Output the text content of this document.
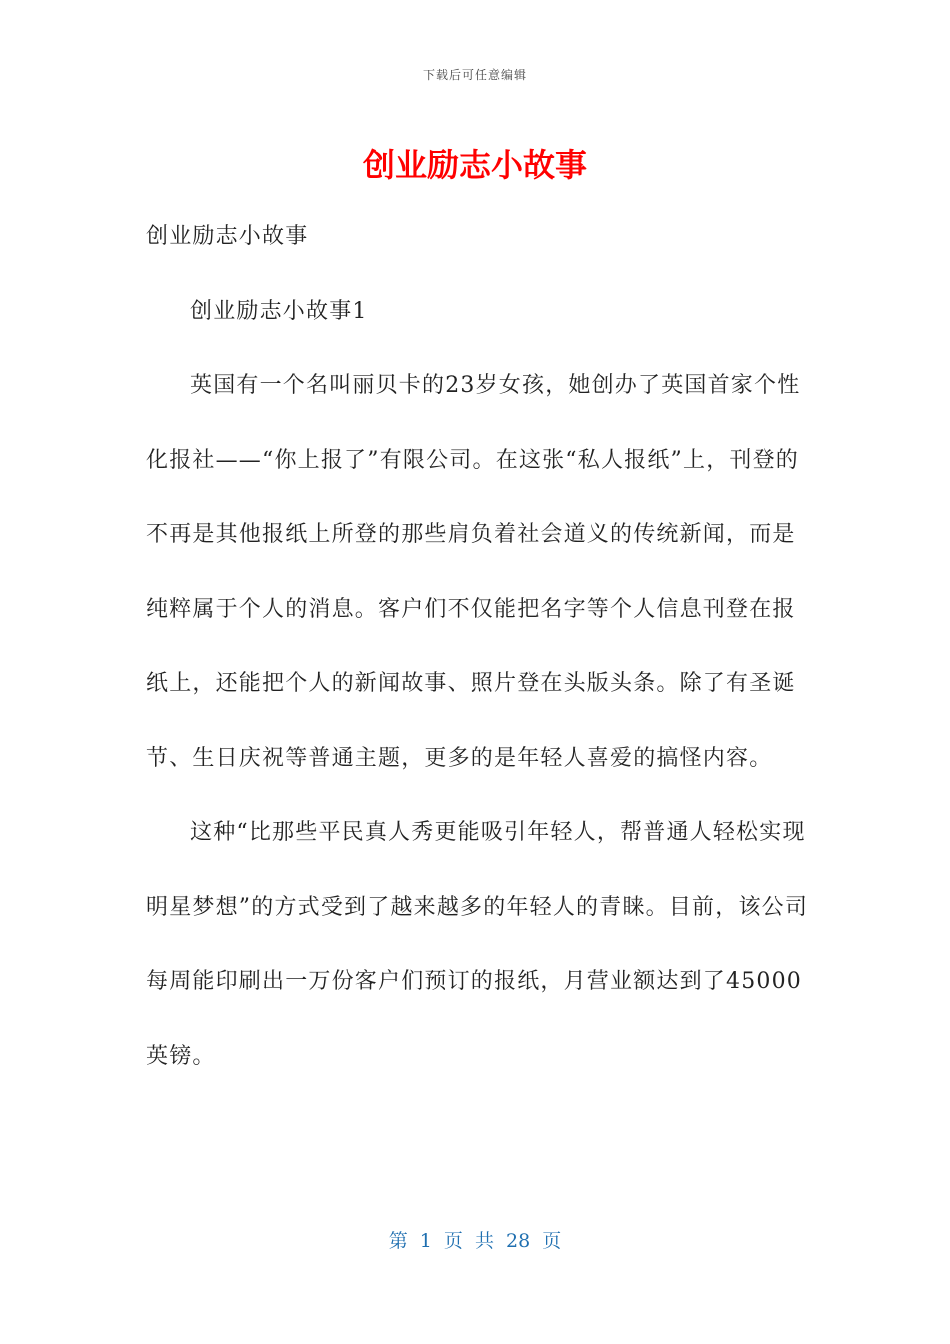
下载后可任意编辑
创业励志小故事

创业励志小故事

创业励志小故事1

英国有一个名叫丽贝卡的23岁女孩，她创办了英国首家个性化报社——“你上报了”有限公司。在这张“私人报纸”上，刊登的不再是其他报纸上所登的那些肩负着社会道义的传统新闻，而是纯粹属于个人的消息。客户们不仅能把名字等个人信息刊登在报纸上，还能把个人的新闻故事、照片登在头版头条。除了有圣诞节、生日庆祝等普通主题，更多的是年轻人喜爱的搞怪内容。

这种“比那些平民真人秀更能吸引年轻人，帮普通人轻松实现明星梦想”的方式受到了越来越多的年轻人的青睐。目前，该公司每周能印刷出一万份客户们预订的报纸，月营业额达到了45000英镑。

第 1 页 共 28 页
